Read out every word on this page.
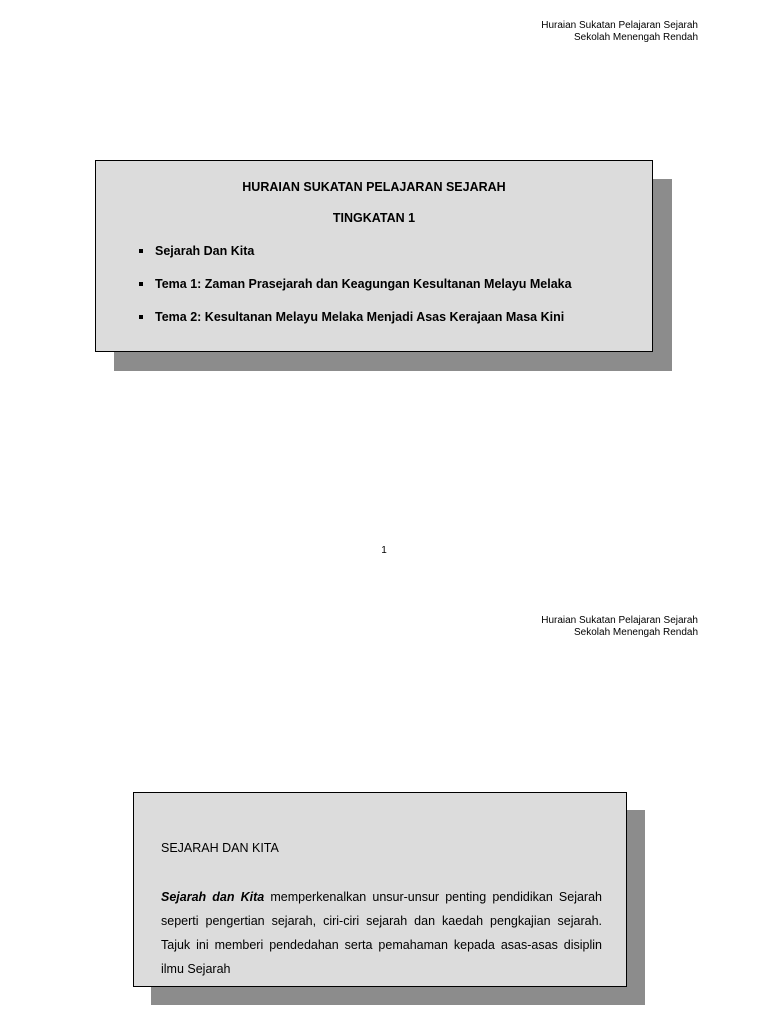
Huraian Sukatan Pelajaran Sejarah
Sekolah Menengah Rendah
HURAIAN SUKATAN PELAJARAN SEJARAH
TINGKATAN 1
Sejarah Dan Kita
Tema 1: Zaman Prasejarah dan Keagungan Kesultanan Melayu Melaka
Tema 2: Kesultanan Melayu Melaka Menjadi Asas Kerajaan Masa Kini
1
Huraian Sukatan Pelajaran Sejarah
Sekolah Menengah Rendah
SEJARAH DAN KITA
Sejarah dan Kita memperkenalkan unsur-unsur penting pendidikan Sejarah seperti pengertian sejarah, ciri-ciri sejarah dan kaedah pengkajian sejarah. Tajuk ini memberi pendedahan serta pemahaman kepada asas-asas disiplin ilmu Sejarah
